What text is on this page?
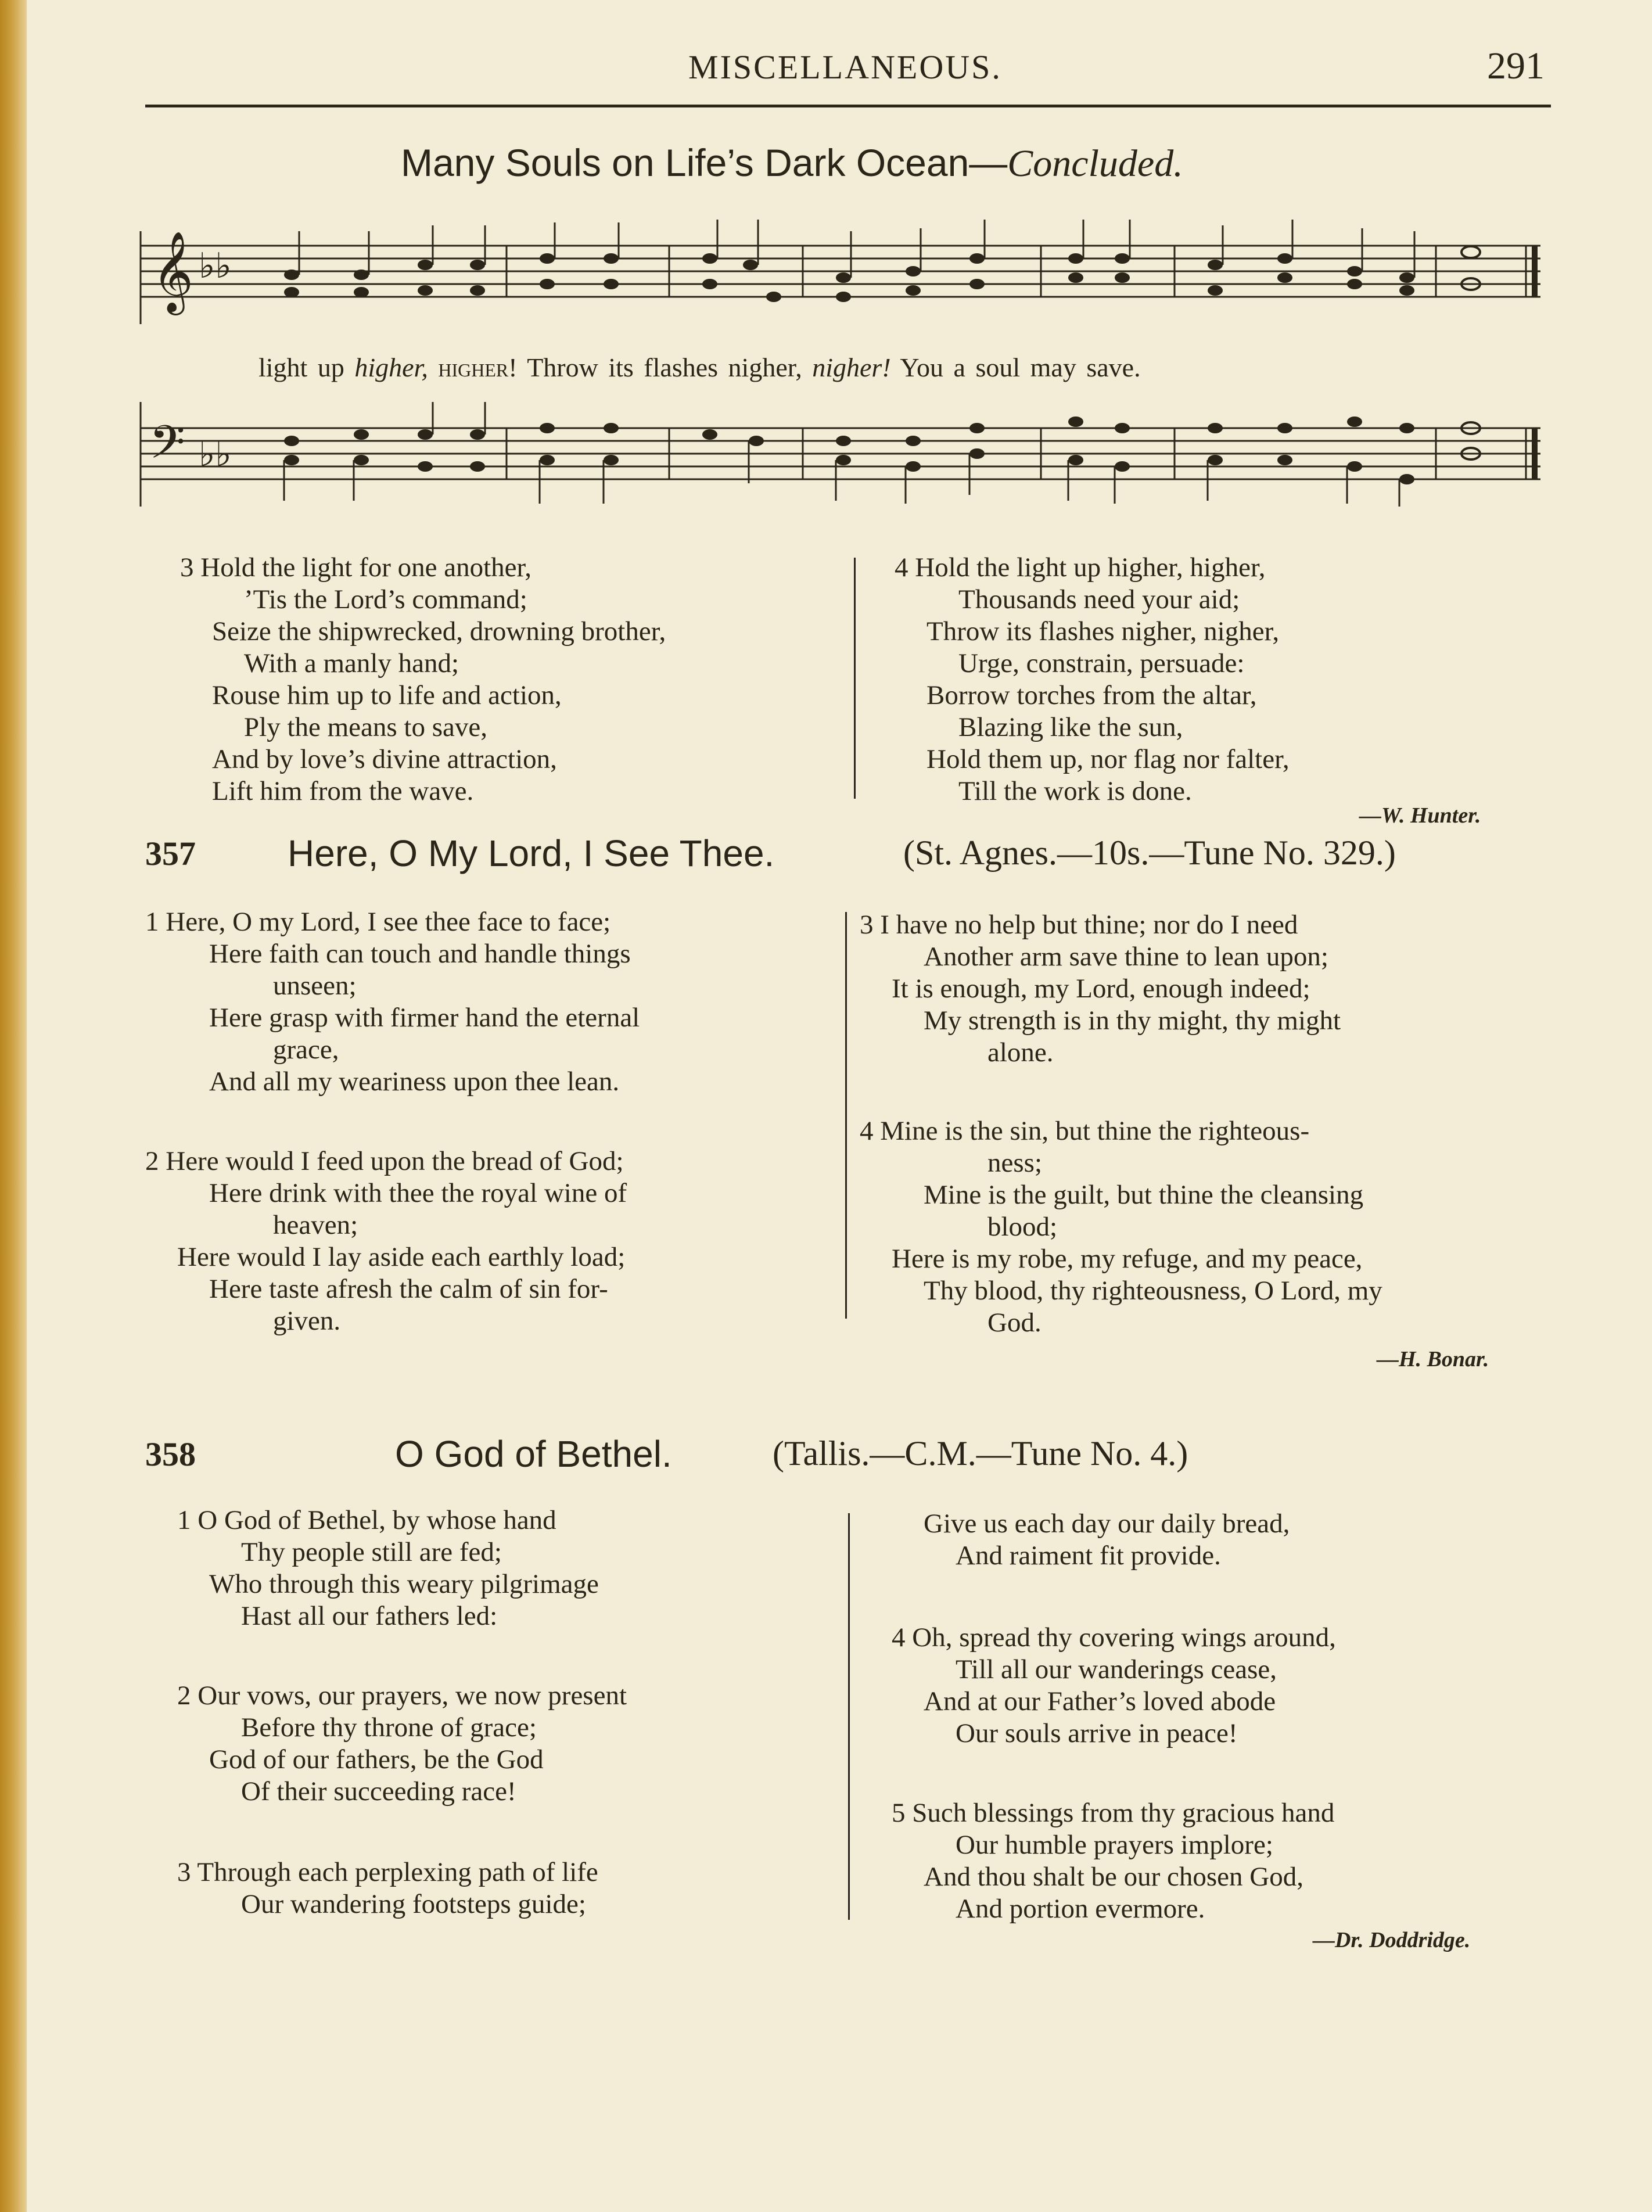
MISCELLANEOUS.	291
Many Souls on Life’s Dark Ocean—Concluded.
𝄞 ♭♭
light up higher, higher! Throw its flashes nigher, nigher! You a soul may save.
𝄢 ♭♭
3 Hold the light for one another,
’Tis the Lord’s command;
Seize the shipwrecked, drowning brother,
With a manly hand;
Rouse him up to life and action,
Ply the means to save,
And by love’s divine attraction,
Lift him from the wave.
4 Hold the light up higher, higher,
Thousands need your aid;
Throw its flashes nigher, nigher,
Urge, constrain, persuade:
Borrow torches from the altar,
Blazing like the sun,
Hold them up, nor flag nor falter,
Till the work is done.
—W. Hunter.
357 Here, O My Lord, I See Thee.	(St. Agnes.—10s.—Tune No. 329.)
1 Here, O my Lord, I see thee face to face;
Here faith can touch and handle things
unseen;
Here grasp with firmer hand the eternal
grace,
And all my weariness upon thee lean.
2 Here would I feed upon the bread of God;
Here drink with thee the royal wine of
heaven;
Here would I lay aside each earthly load;
Here taste afresh the calm of sin for-
given.
3 I have no help but thine; nor do I need
Another arm save thine to lean upon;
It is enough, my Lord, enough indeed;
My strength is in thy might, thy might
alone.
4 Mine is the sin, but thine the righteous-
ness;
Mine is the guilt, but thine the cleansing
blood;
Here is my robe, my refuge, and my peace,
Thy blood, thy righteousness, O Lord, my
God.
—H. Bonar.
358	O God of Bethel.	(Tallis.—C.M.—Tune No. 4.)
1 O God of Bethel, by whose hand
Thy people still are fed;
Who through this weary pilgrimage
Hast all our fathers led:
2 Our vows, our prayers, we now present
Before thy throne of grace;
God of our fathers, be the God
Of their succeeding race!
3 Through each perplexing path of life
Our wandering footsteps guide;
Give us each day our daily bread,
And raiment fit provide.
4 Oh, spread thy covering wings around,
Till all our wanderings cease,
And at our Father’s loved abode
Our souls arrive in peace!
5 Such blessings from thy gracious hand
Our humble prayers implore;
And thou shalt be our chosen God,
And portion evermore.
—Dr. Doddridge.
